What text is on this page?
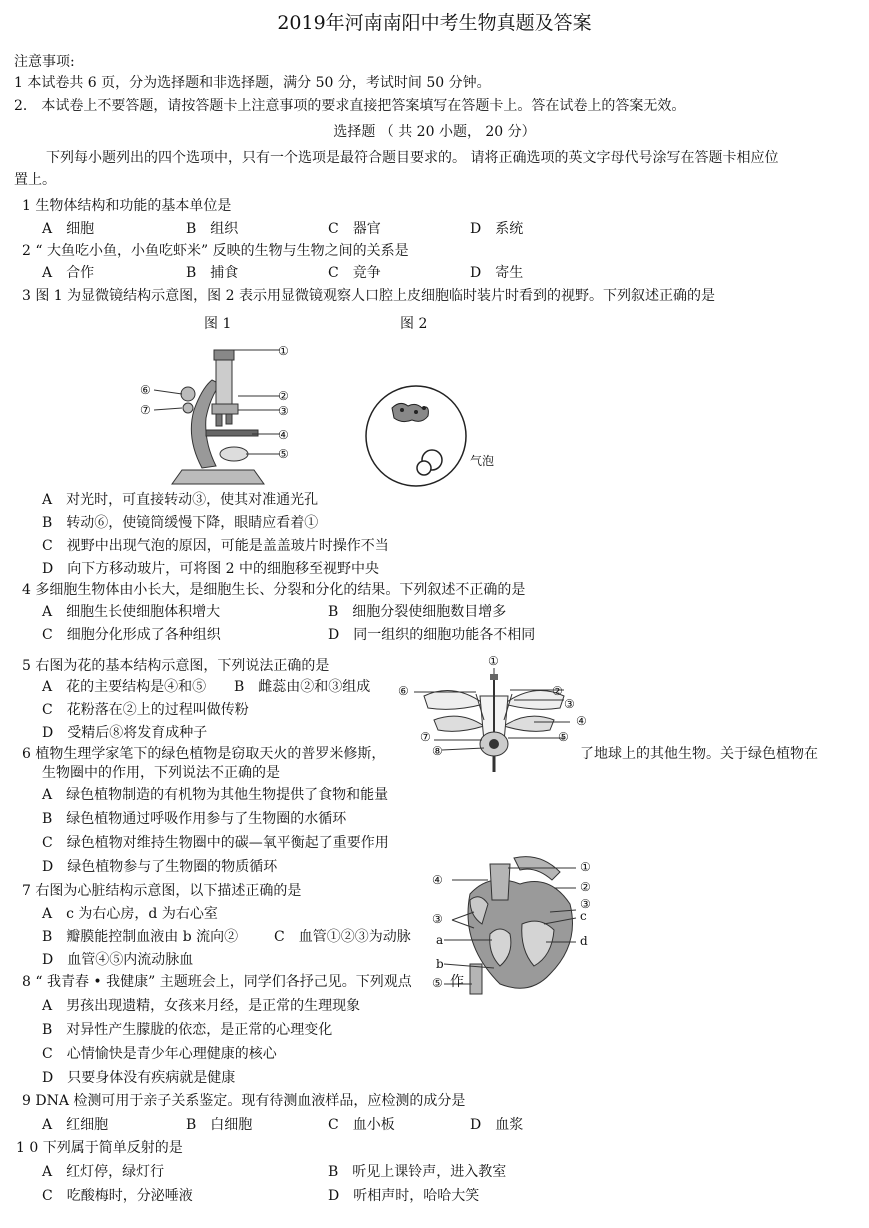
2019年河南南阳中考生物真题及答案
注意事项:
1 本试卷共 6 页，分为选择题和非选择题，满分 50 分，考试时间 50 分钟。
2． 本试卷上不要答题，请按答题卡上注意事项的要求直接把答案填写在答题卡上。答在试卷上的答案无效。
选择题 （ 共 20 小题， 20 分）
下列每小题列出的四个选项中，只有一个选项是最符合题目要求的。 请将正确选项的英文字母代号涂写在答题卡相应位
置上。
1 生物体结构和功能的基本单位是
A　细胞	B　组织	C　器官	D　系统
2 “ 大鱼吃小鱼，小鱼吃虾米” 反映的生物与生物之间的关系是
A　合作	B　捕食	C　竞争	D　寄生
3 图 1 为显微镜结构示意图，图 2 表示用显微镜观察人口腔上皮细胞临时装片时看到的视野。下列叙述正确的是
图 1	图 2
①
②
③
④
⑤
⑥
⑦
气泡
A　对光时，可直接转动③，使其对准通光孔
B　转动⑥，使镜筒缓慢下降，眼睛应看着①
C　视野中出现气泡的原因，可能是盖盖玻片时操作不当
D　向下方移动玻片，可将图 2 中的细胞移至视野中央
4 多细胞生物体由小长大，是细胞生长、分裂和分化的结果。下列叙述不正确的是
A　细胞生长使细胞体积增大	B　细胞分裂使细胞数目增多
C　细胞分化形成了各种组织	D　同一组织的细胞功能各不相同
5 右图为花的基本结构示意图，下列说法正确的是
A　花的主要结构是④和⑤ B　雌蕊由②和③组成
C　花粉落在②上的过程叫做传粉
D　受精后⑧将发育成种子
①
②
③
④
⑤
⑥
⑦
⑧
6 植物生理学家笔下的绿色植物是窃取天火的普罗米修斯，	了地球上的其他生物。关于绿色植物在
生物圈中的作用，下列说法不正确的是
A　绿色植物制造的有机物为其他生物提供了食物和能量
B　绿色植物通过呼吸作用参与了生物圈的水循环
C　绿色植物对维持生物圈中的碳—氧平衡起了重要作用
D　绿色植物参与了生物圈的物质循环	①
②
③
c
d
④
③
a
b
⑤
7 右图为心脏结构示意图，以下描述正确的是
A　c 为右心房，d 为右心室
B　瓣膜能控制血液由 b 流向②	C　血管①②③为动脉
D　血管④⑤内流动脉血
8 “ 我青春 • 我健康” 主题班会上，同学们各抒己见。下列观点	作
A　男孩出现遗精，女孩来月经，是正常的生理现象
B　对异性产生朦胧的依恋，是正常的心理变化
C　心情愉快是青少年心理健康的核心
D　只要身体没有疾病就是健康
9 DNA 检测可用于亲子关系鉴定。现有待测血液样品，应检测的成分是
A　红细胞	B　白细胞	C　血小板	D　血浆
1 0 下列属于简单反射的是
A　红灯停，绿灯行	B　听见上课铃声，进入教室
C　吃酸梅时，分泌唾液	D　听相声时，哈哈大笑
